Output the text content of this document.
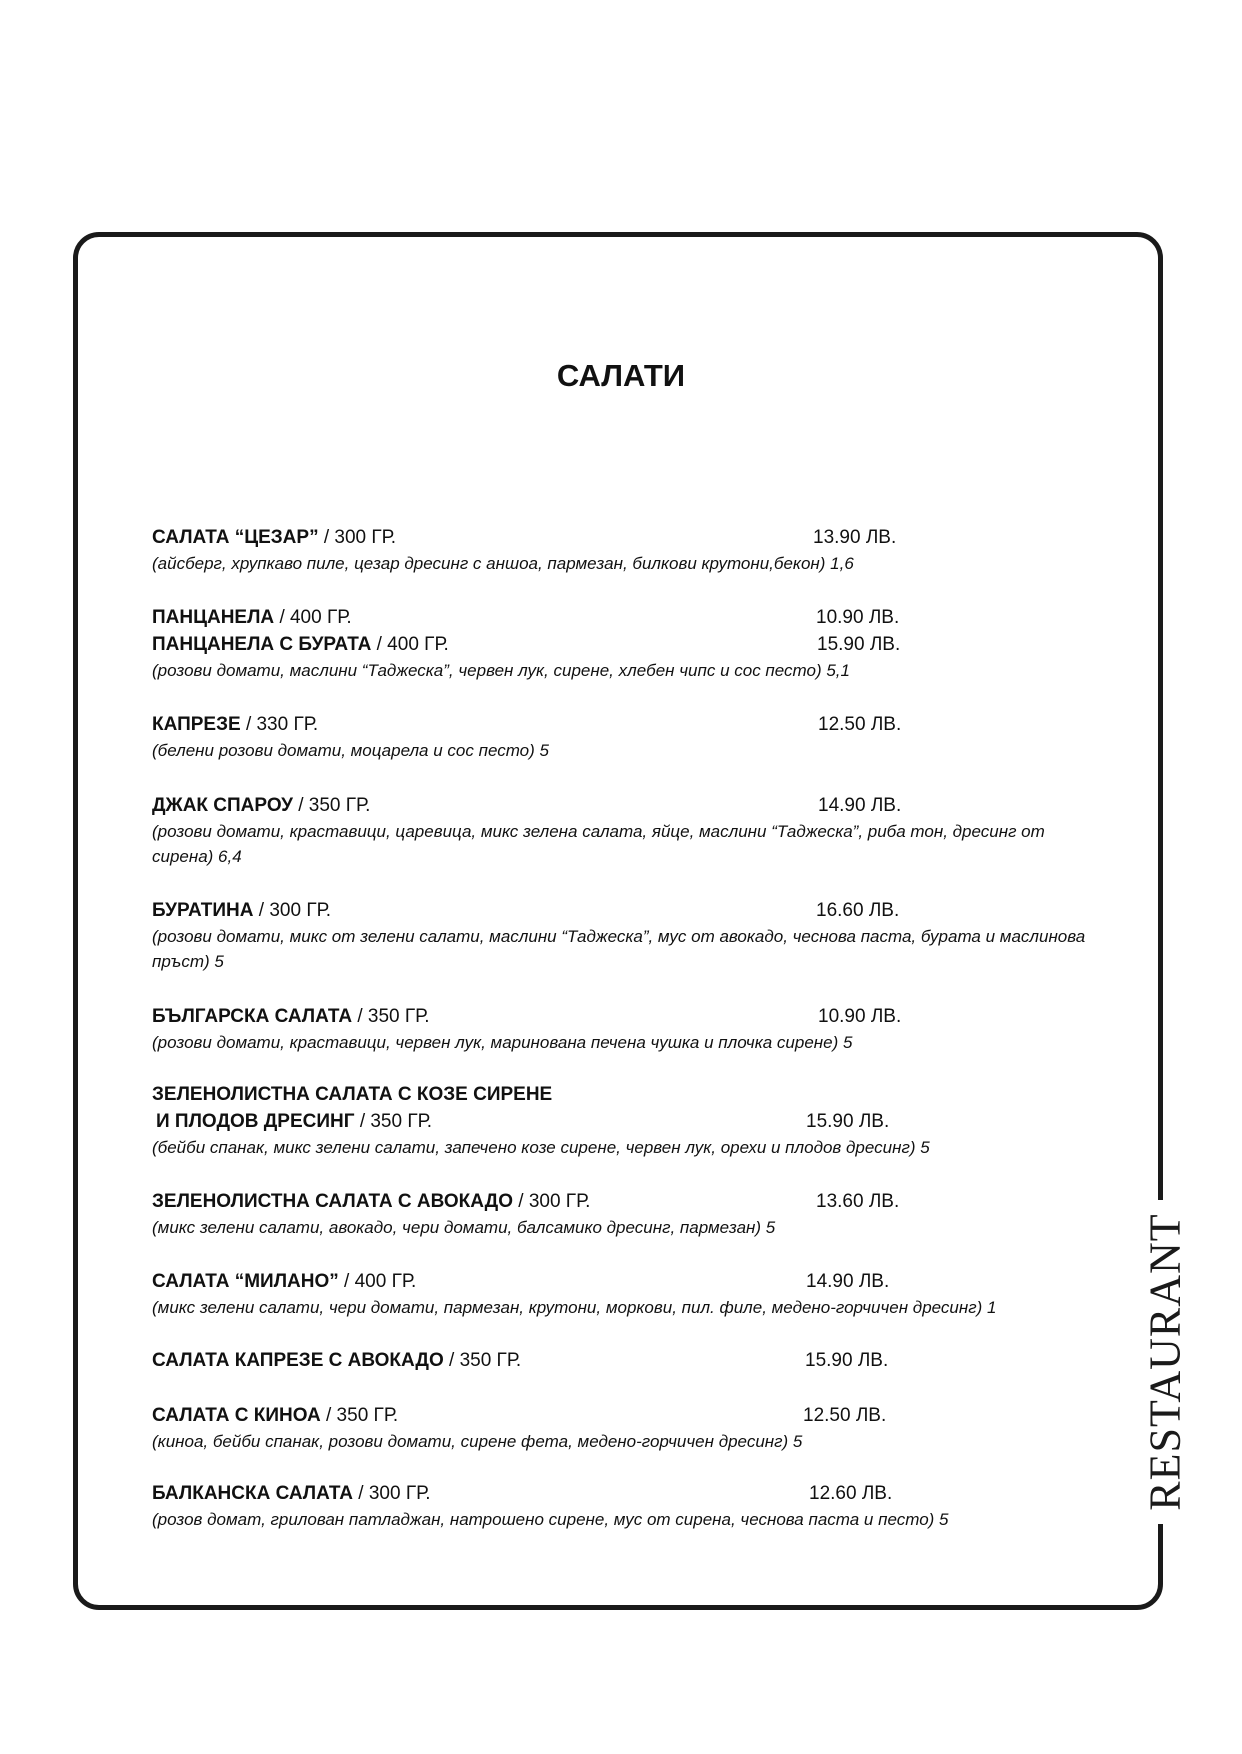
RESTAURANT
САЛАТИ
САЛАТА “ЦЕЗАР” / 300 ГР.	13.90 ЛВ.
(айсберг, хрупкаво пиле, цезар дресинг с аншоа, пармезан, билкови крутони,бекон) 1,6
ПАНЦАНЕЛА / 400 ГР.	10.90 ЛВ.
ПАНЦАНЕЛА С БУРАТА / 400 ГР.	15.90 ЛВ.
(розови домати, маслини “Таджеска”, червен лук, сирене, хлебен чипс и сос песто) 5,1
КАПРЕЗЕ / 330 ГР.	12.50 ЛВ.
(белени розови домати, моцарела и сос песто) 5
ДЖАК СПАРОУ / 350 ГР.	14.90 ЛВ.
(розови домати, краставици, царевица, микс зелена салата, яйце, маслини “Таджеска”, риба тон, дресинг от сирена) 6,4
БУРАТИНА / 300 ГР.	16.60 ЛВ.
(розови домати, микс от зелени салати, маслини “Таджеска”, мус от авокадо, чеснова паста, бурата и маслинова пръст) 5
БЪЛГАРСКА САЛАТА / 350 ГР.	10.90 ЛВ.
(розови домати, краставици, червен лук, маринована печена чушка и плочка сирене) 5
ЗЕЛЕНОЛИСТНА САЛАТА С КОЗЕ СИРЕНЕ
И ПЛОДОВ ДРЕСИНГ / 350 ГР.	15.90 ЛВ.
(бейби спанак, микс зелени салати, запечено козе сирене, червен лук, орехи и плодов дресинг) 5
ЗЕЛЕНОЛИСТНА САЛАТА С АВОКАДО / 300 ГР.	13.60 ЛВ.
(микс зелени салати, авокадо, чери домати, балсамико дресинг, пармезан) 5
САЛАТА “МИЛАНО” / 400 ГР.	14.90 ЛВ.
(микс зелени салати, чери домати, пармезан, крутони, моркови, пил. филе, медено-горчичен дресинг) 1
САЛАТА КАПРЕЗЕ С АВОКАДО / 350 ГР.	15.90 ЛВ.
САЛАТА С КИНОА / 350 ГР.	12.50 ЛВ.
(киноа, бейби спанак, розови домати, сирене фета, медено-горчичен дресинг) 5
БАЛКАНСКА САЛАТА / 300 ГР.	12.60 ЛВ.
(розов домат, грилован патладжан, натрошено сирене, мус от сирена, чеснова паста и песто) 5
